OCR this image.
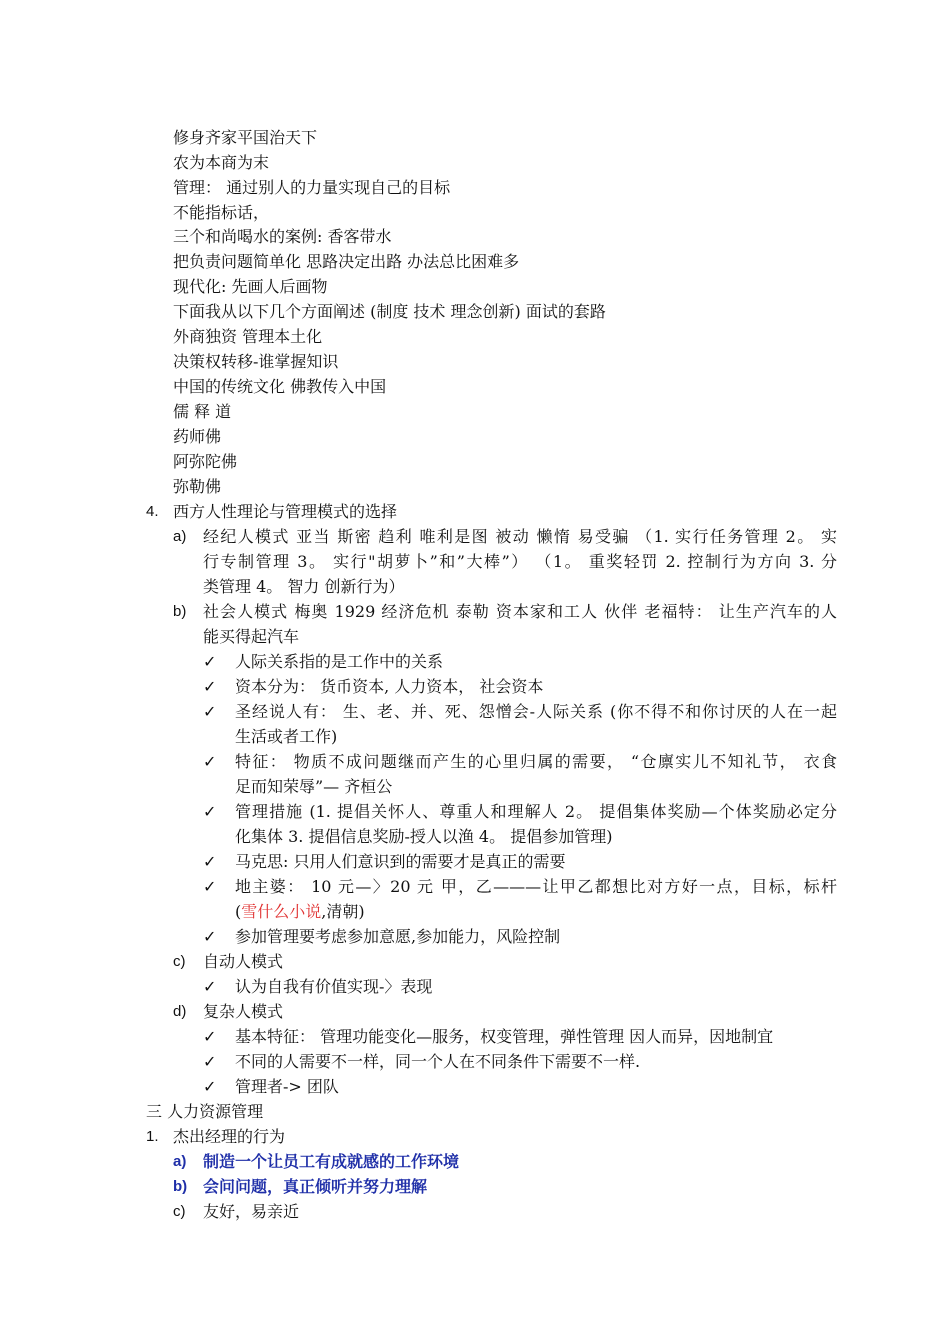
修身齐家平国治天下
农为本商为末
管理： 通过别人的力量实现自己的目标
不能指标话，
三个和尚喝水的案例: 香客带水
把负责问题简单化 思路决定出路 办法总比困难多
现代化: 先画人后画物
下面我从以下几个方面阐述 (制度 技术 理念创新) 面试的套路
外商独资 管理本土化
决策权转移-谁掌握知识
中国的传统文化 佛教传入中国
儒 释 道
药师佛
阿弥陀佛
弥勒佛
4. 西方人性理论与管理模式的选择
a) 经纪人模式 亚当 斯密 趋利 唯利是图 被动 懒惰 易受骗 （1. 实行任务管理 2。 实
行专制管理 3。 实行"胡萝卜”和”大棒”） （1。 重奖轻罚 2. 控制行为方向 3. 分
类管理 4。 智力 创新行为）
b) 社会人模式 梅奥 1929 经济危机 泰勒 资本家和工人 伙伴 老福特： 让生产汽车的人
能买得起汽车
✓ 人际关系指的是工作中的关系
✓ 资本分为： 货币资本, 人力资本， 社会资本
✓ 圣经说人有： 生、老、并、死、怨憎会-人际关系 (你不得不和你讨厌的人在一起
生活或者工作)
✓ 特征： 物质不成问题继而产生的心里归属的需要， “仓廪实儿不知礼节， 衣食
足而知荣辱”— 齐桓公
✓ 管理措施 (1. 提倡关怀人、尊重人和理解人 2。 提倡集体奖励—个体奖励必定分
化集体 3. 提倡信息奖励-授人以渔 4。 提倡参加管理)
✓ 马克思: 只用人们意识到的需要才是真正的需要
✓ 地主婆： 10 元—〉20 元 甲，乙———让甲乙都想比对方好一点，目标，标杆
(雪什么小说,清朝)
✓ 参加管理要考虑参加意愿,参加能力，风险控制
c) 自动人模式
✓ 认为自我有价值实现-〉表现
d) 复杂人模式
✓ 基本特征： 管理功能变化—服务，权变管理，弹性管理 因人而异，因地制宜
✓ 不同的人需要不一样，同一个人在不同条件下需要不一样.
✓ 管理者-> 团队
三 人力资源管理
1. 杰出经理的行为
a) 制造一个让员工有成就感的工作环境
b) 会问问题，真正倾听并努力理解
c) 友好，易亲近
